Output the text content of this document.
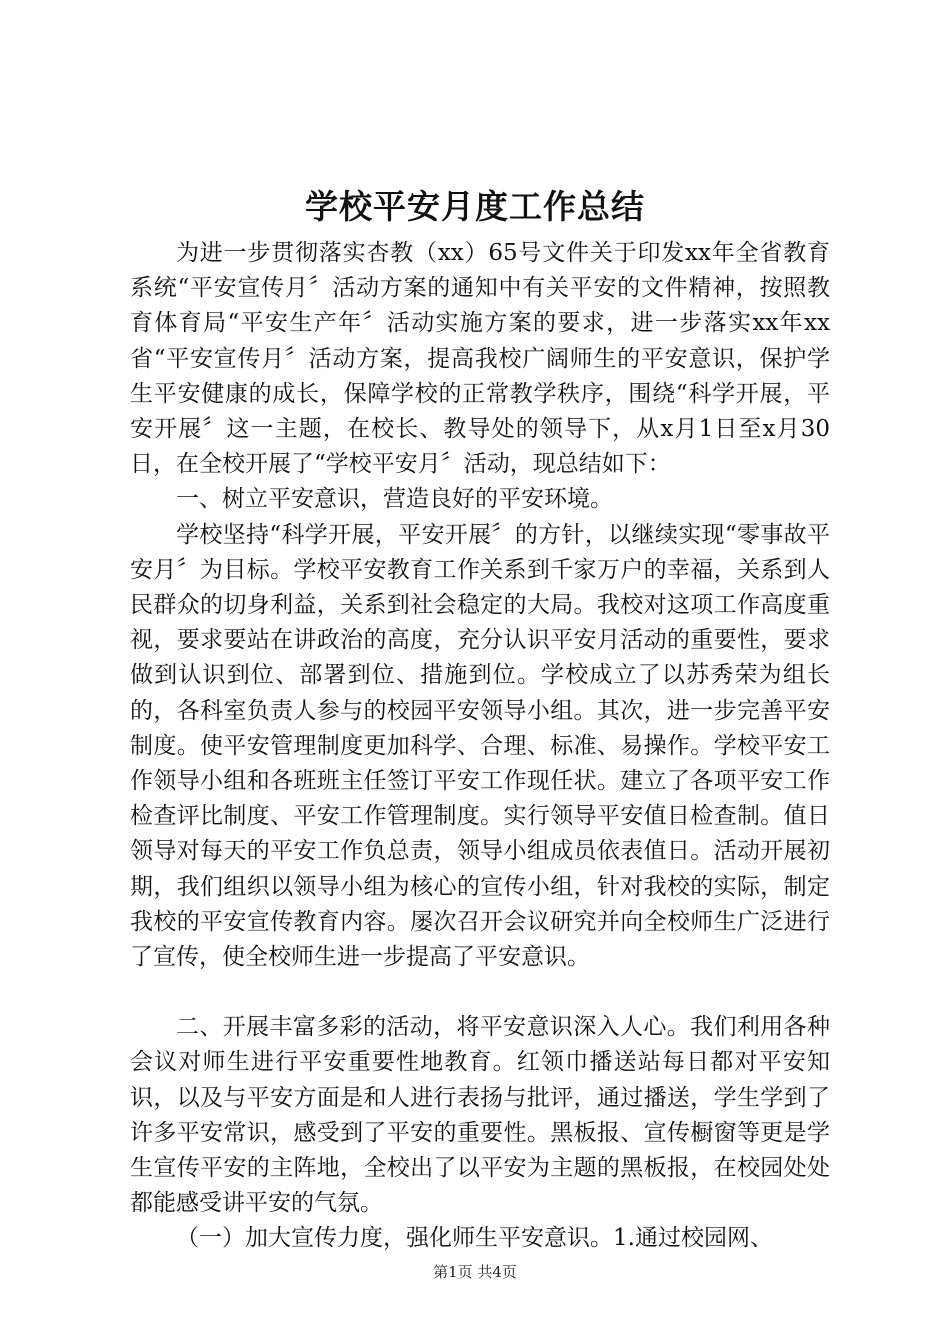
学校平安月度工作总结

为进一步贯彻落实杏教（xx）65号文件关于印发xx年全省教育系统“平安宣传月〞活动方案的通知中有关平安的文件精神，按照教育体育局“平安生产年〞活动实施方案的要求，进一步落实xx年xx省“平安宣传月〞活动方案，提高我校广阔师生的平安意识，保护学生平安健康的成长，保障学校的正常教学秩序，围绕“科学开展，平安开展〞这一主题，在校长、教导处的领导下，从x月1日至x月30日，在全校开展了“学校平安月〞活动，现总结如下：

一、树立平安意识，营造良好的平安环境。

学校坚持“科学开展，平安开展〞的方针，以继续实现“零事故平安月〞为目标。学校平安教育工作关系到千家万户的幸福，关系到人民群众的切身利益，关系到社会稳定的大局。我校对这项工作高度重视，要求要站在讲政治的高度，充分认识平安月活动的重要性，要求做到认识到位、部署到位、措施到位。学校成立了以苏秀荣为组长的，各科室负责人参与的校园平安领导小组。其次，进一步完善平安制度。使平安管理制度更加科学、合理、标准、易操作。学校平安工作领导小组和各班班主任签订平安工作现任状。建立了各项平安工作检查评比制度、平安工作管理制度。实行领导平安值日检查制。值日领导对每天的平安工作负总责，领导小组成员依表值日。活动开展初期，我们组织以领导小组为核心的宣传小组，针对我校的实际，制定我校的平安宣传教育内容。屡次召开会议研究并向全校师生广泛进行了宣传，使全校师生进一步提高了平安意识。

二、开展丰富多彩的活动，将平安意识深入人心。我们利用各种会议对师生进行平安重要性地教育。红领巾播送站每日都对平安知识，以及与平安方面是和人进行表扬与批评，通过播送，学生学到了许多平安常识，感受到了平安的重要性。黑板报、宣传橱窗等更是学生宣传平安的主阵地，全校出了以平安为主题的黑板报，在校园处处都能感受讲平安的气氛。

（一）加大宣传力度，强化师生平安意识。1.通过校园网、

第1页 共4页
